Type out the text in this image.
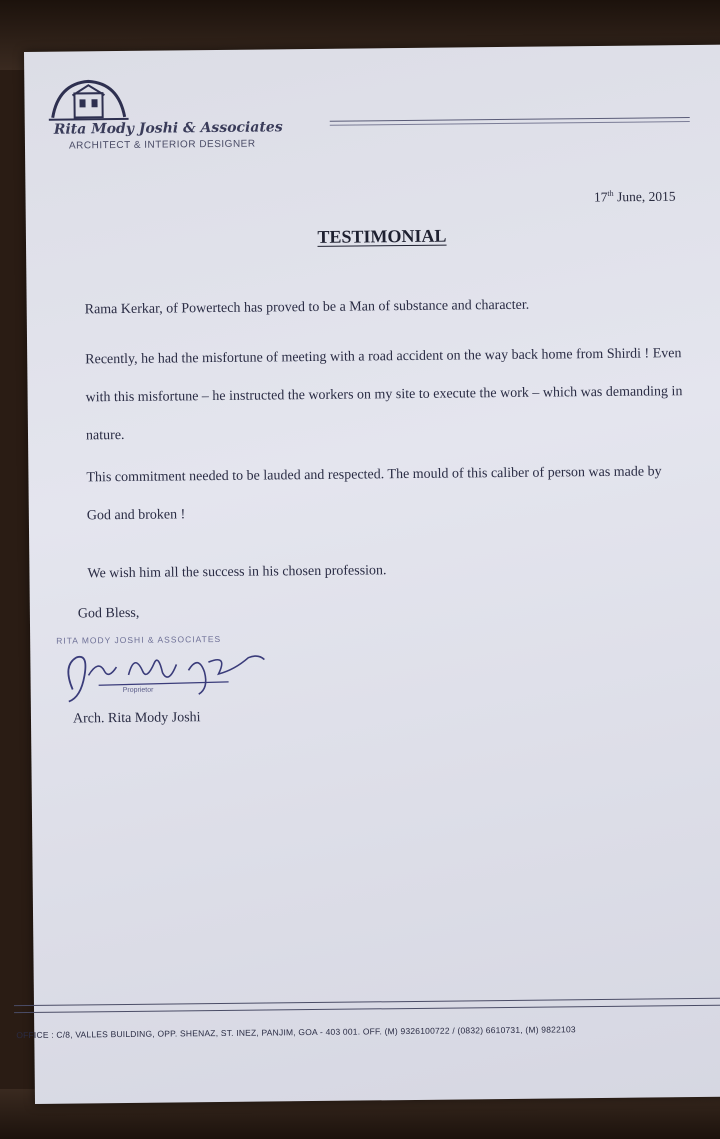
Rita Mody Joshi & Associates
ARCHITECT & INTERIOR DESIGNER
17th June, 2015
TESTIMONIAL
Rama Kerkar, of Powertech has proved to be a Man of substance and character.
Recently, he had the misfortune of meeting with a road accident on the way back home from Shirdi ! Even with this misfortune – he instructed the workers on my site to execute the work – which was demanding in nature.
This commitment needed to be lauded and respected. The mould of this caliber of person was made by God and broken !
We wish him all the success in his chosen profession.
God Bless,
RITA MODY JOSHI & ASSOCIATES
Proprietor
Arch. Rita Mody Joshi
OFFICE : C/8, VALLES BUILDING, OPP. SHENAZ, ST. INEZ, PANJIM, GOA - 403 001. OFF. (M) 9326100722 / (0832) 6610731, (M) 9822103
